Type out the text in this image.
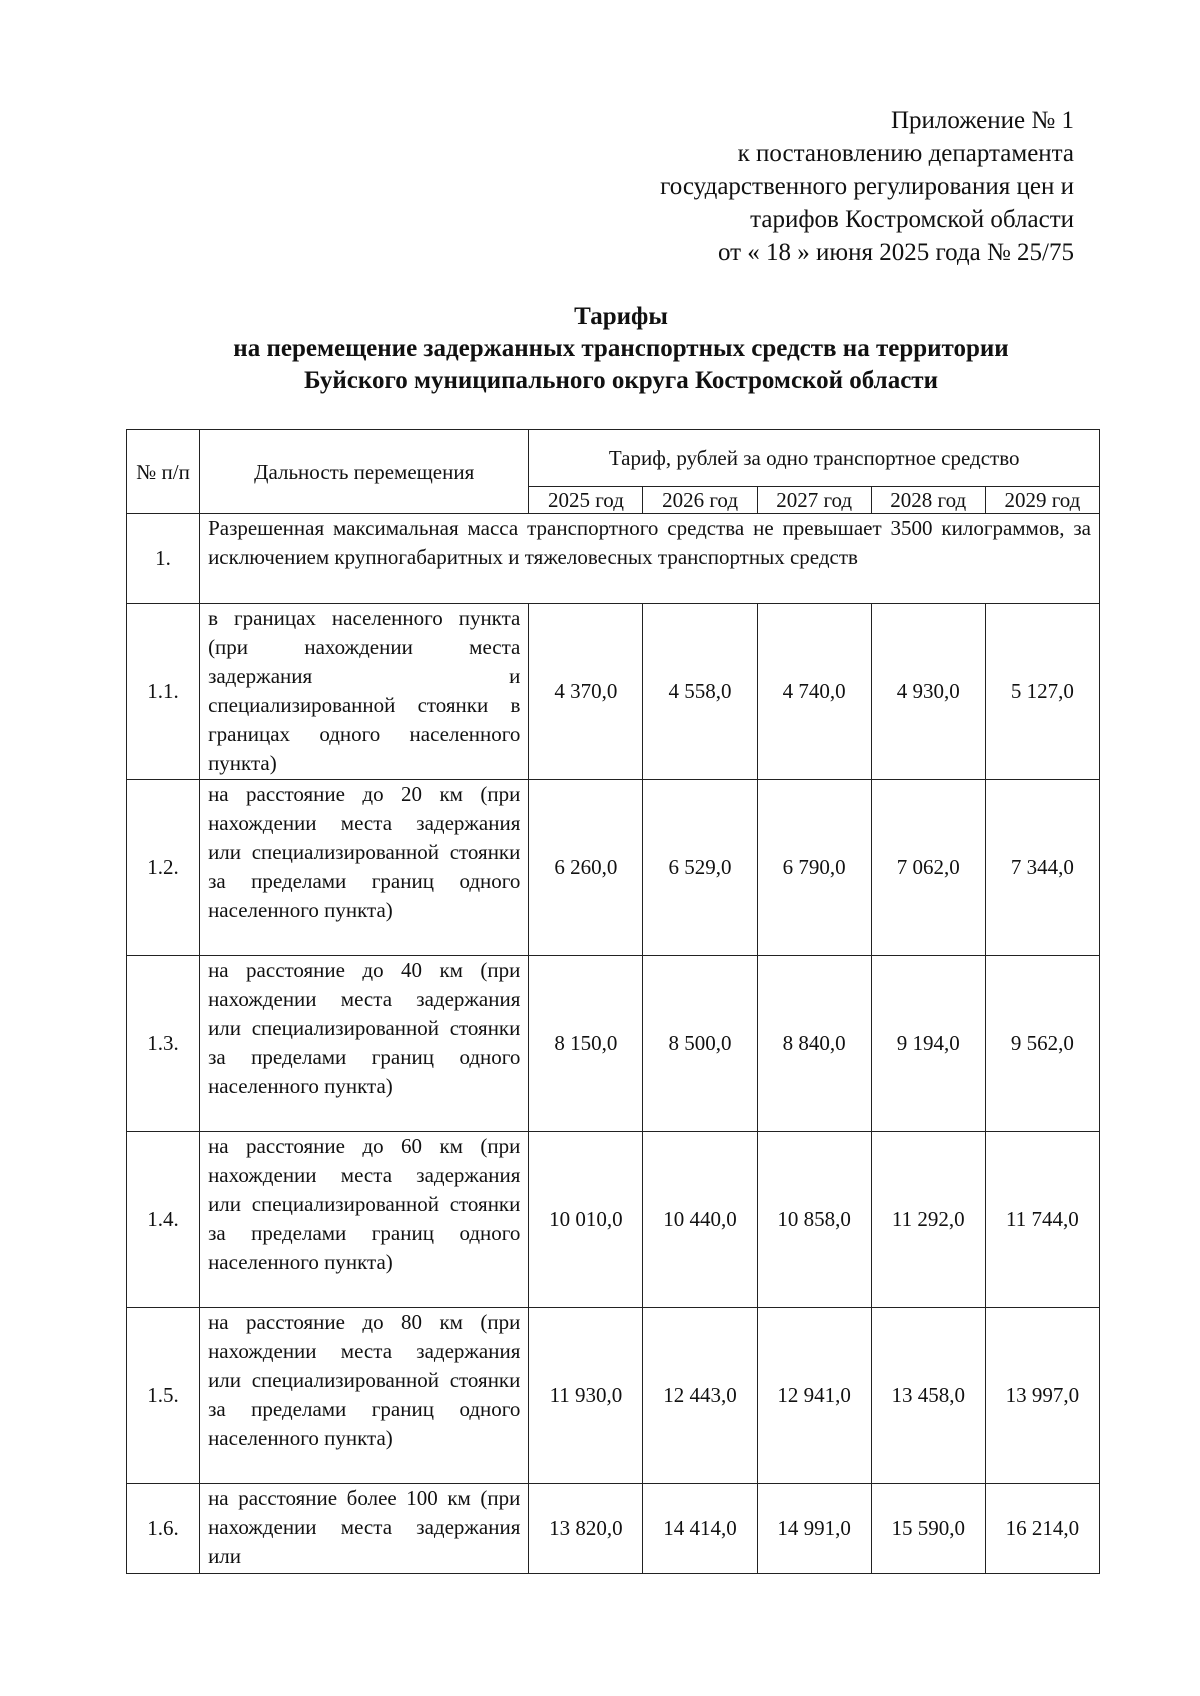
Приложение № 1
к постановлению департамента
государственного регулирования цен и
тарифов Костромской области
от « 18 » июня 2025 года № 25/75
Тарифы
на перемещение задержанных транспортных средств на территории
Буйского муниципального округа Костромской области
№ п/п	Дальность перемещения	Тариф, рублей за одно транспортное средство				
		2025 год	2026 год	2027 год	2028 год	2029 год
1.	Разрешенная максимальная масса транспортного средства не превышает 3500 килограммов, за исключением крупногабаритных и тяжеловесных транспортных средств					
1.1.	в границах населенного пункта (при нахождении места задержания и специализированной стоянки в границах одного населенного пункта)	4 370,0	4 558,0	4 740,0	4 930,0	5 127,0
1.2.	на расстояние до 20 км (при нахождении места задержания или специализированной стоянки за пределами границ одного населенного пункта)	6 260,0	6 529,0	6 790,0	7 062,0	7 344,0
1.3.	на расстояние до 40 км (при нахождении места задержания или специализированной стоянки за пределами границ одного населенного пункта)	8 150,0	8 500,0	8 840,0	9 194,0	9 562,0
1.4.	на расстояние до 60 км (при нахождении места задержания или специализированной стоянки за пределами границ одного населенного пункта)	10 010,0	10 440,0	10 858,0	11 292,0	11 744,0
1.5.	на расстояние до 80 км (при нахождении места задержания или специализированной стоянки за пределами границ одного населенного пункта)	11 930,0	12 443,0	12 941,0	13 458,0	13 997,0
1.6.	на расстояние более 100 км (при нахождении места задержания или	13 820,0	14 414,0	14 991,0	15 590,0	16 214,0
